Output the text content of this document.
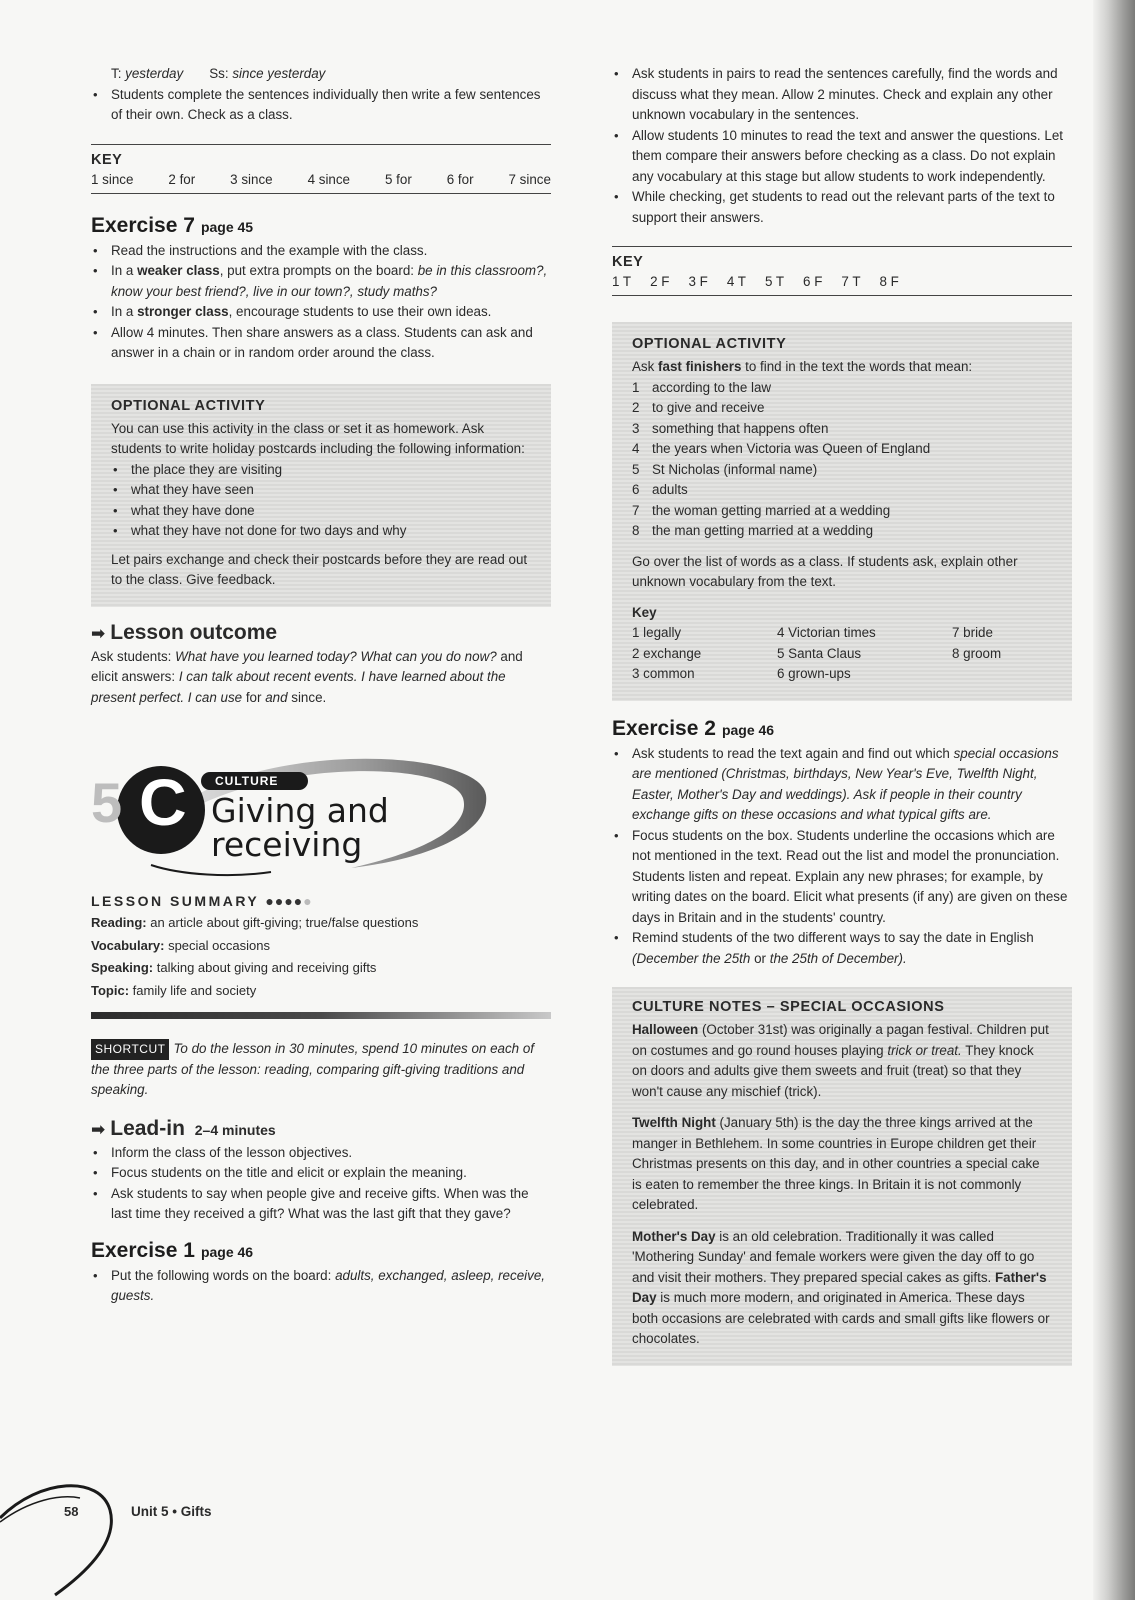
T: yesterday Ss: since yesterday

• Students complete the sentences individually then write a few sentences of their own. Check as a class.
KEY
1 since	2 for	3 since	4 since	5 for	6 for	7 since
Exercise 7 page 45
• Read the instructions and the example with the class.
• In a weaker class, put extra prompts on the board: be in this classroom?, know your best friend?, live in our town?, study maths?
• In a stronger class, encourage students to use their own ideas.
• Allow 4 minutes. Then share answers as a class. Students can ask and answer in a chain or in random order around the class.
OPTIONAL ACTIVITY

You can use this activity in the class or set it as homework. Ask students to write holiday postcards including the following information:

• the place they are visiting
• what they have seen
• what they have done
• what they have not done for two days and why

Let pairs exchange and check their postcards before they are read out to the class. Give feedback.

➡ Lesson outcome

Ask students: What have you learned today? What can you do now? and elicit answers: I can talk about recent events. I have learned about the present perfect. I can use for and since.

5 C	CULTURE
Giving and
receiving
LESSON SUMMARY ●●●●●

Reading: an article about gift-giving; true/false questions

Vocabulary: special occasions

Speaking: talking about giving and receiving gifts

Topic: family life and society

SHORTCUT To do the lesson in 30 minutes, spend 10 minutes on each of the three parts of the lesson: reading, comparing gift-giving traditions and speaking.

➡ Lead-in 2–4 minutes
• Inform the class of the lesson objectives.
• Focus students on the title and elicit or explain the meaning.
• Ask students to say when people give and receive gifts. When was the last time they received a gift? What was the last gift that they gave?
Exercise 1 page 46
• Put the following words on the board: adults, exchanged, asleep, receive, guests.
• Ask students in pairs to read the sentences carefully, find the words and discuss what they mean. Allow 2 minutes. Check and explain any other unknown vocabulary in the sentences.
• Allow students 10 minutes to read the text and answer the questions. Let them compare their answers before checking as a class. Do not explain any vocabulary at this stage but allow students to work independently.
• While checking, get students to read out the relevant parts of the text to support their answers.
KEY
1 T 2 F 3 F 4 T 5 T 6 F 7 T 8 F
OPTIONAL ACTIVITY

Ask fast finishers to find in the text the words that mean:

1 according to the law
2 to give and receive
3 something that happens often
4 the years when Victoria was Queen of England
5 St Nicholas (informal name)
6 adults
7 the woman getting married at a wedding
8 the man getting married at a wedding

Go over the list of words as a class. If students ask, explain other unknown vocabulary from the text.

Key

1 legally	4 Victorian times	7 bride
2 exchange	5 Santa Claus	8 groom
3 common	6 grown-ups
Exercise 2 page 46
• Ask students to read the text again and find out which special occasions are mentioned (Christmas, birthdays, New Year's Eve, Twelfth Night, Easter, Mother's Day and weddings). Ask if people in their country exchange gifts on these occasions and what typical gifts are.
• Focus students on the box. Students underline the occasions which are not mentioned in the text. Read out the list and model the pronunciation. Students listen and repeat. Explain any new phrases; for example, by writing dates on the board. Elicit what presents (if any) are given on these days in Britain and in the students' country.
• Remind students of the two different ways to say the date in English (December the 25th or the 25th of December).
CULTURE NOTES – SPECIAL OCCASIONS

Halloween (October 31st) was originally a pagan festival. Children put on costumes and go round houses playing trick or treat. They knock on doors and adults give them sweets and fruit (treat) so that they won't cause any mischief (trick).

Twelfth Night (January 5th) is the day the three kings arrived at the manger in Bethlehem. In some countries in Europe children get their Christmas presents on this day, and in other countries a special cake is eaten to remember the three kings. In Britain it is not commonly celebrated.

Mother's Day is an old celebration. Traditionally it was called 'Mothering Sunday' and female workers were given the day off to go and visit their mothers. They prepared special cakes as gifts. Father's Day is much more modern, and originated in America. These days both occasions are celebrated with cards and small gifts like flowers or chocolates.

58	Unit 5 • Gifts
